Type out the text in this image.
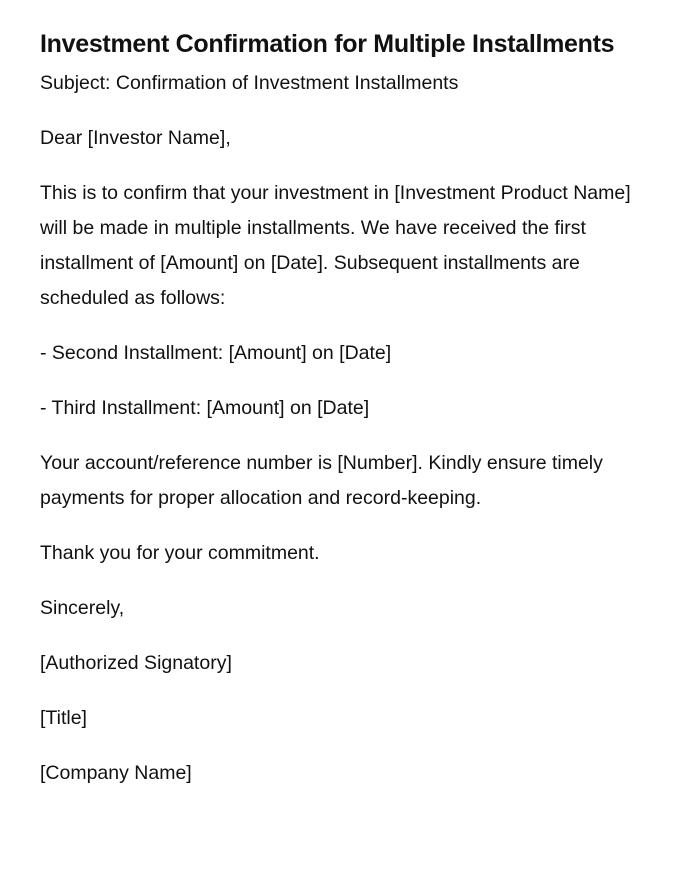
Investment Confirmation for Multiple Installments

Subject: Confirmation of Investment Installments

Dear [Investor Name],

This is to confirm that your investment in [Investment Product Name] will be made in multiple installments. We have received the first installment of [Amount] on [Date]. Subsequent installments are scheduled as follows:

- Second Installment: [Amount] on [Date]

- Third Installment: [Amount] on [Date]

Your account/reference number is [Number]. Kindly ensure timely payments for proper allocation and record-keeping.

Thank you for your commitment.

Sincerely,

[Authorized Signatory]

[Title]

[Company Name]
